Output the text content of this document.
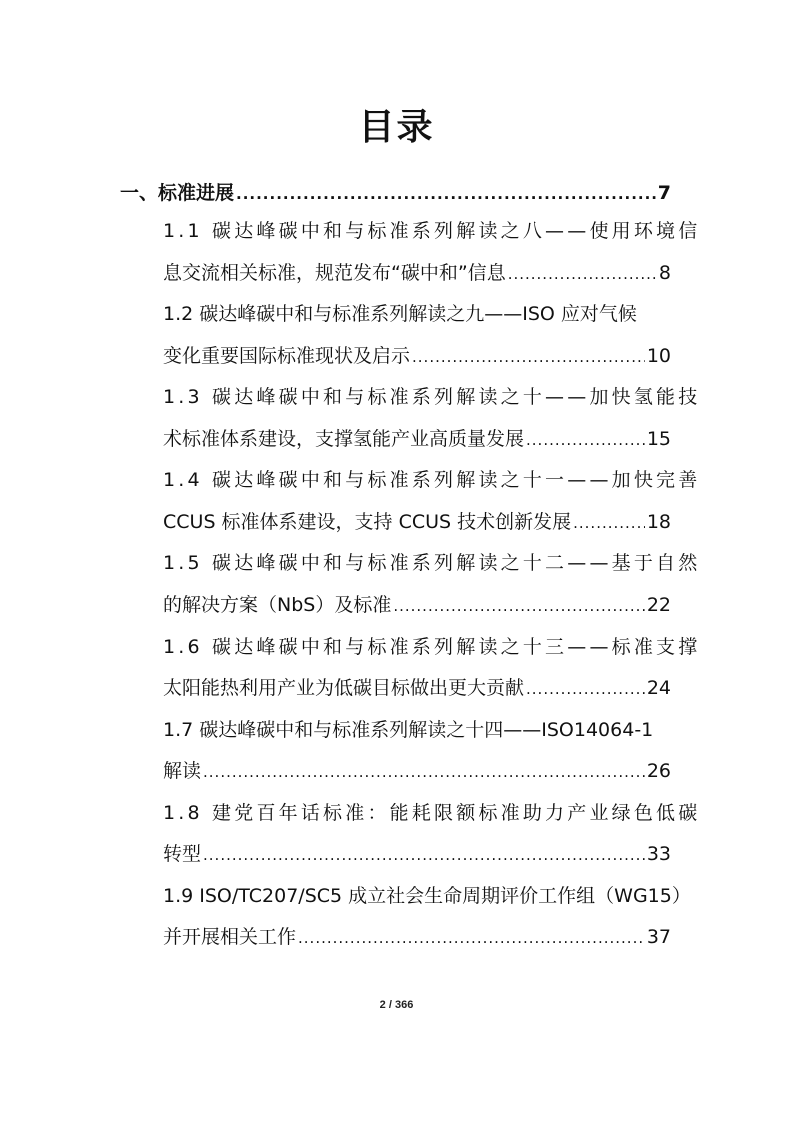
目录
一、标准进展 .....	7
1.1 碳达峰碳中和与标准系列解读之八——使用环境信
息交流相关标准，规范发布“碳中和”信息 .....	8
1.2 碳达峰碳中和与标准系列解读之九——ISO 应对气候
变化重要国际标准现状及启示 .....	10
1.3 碳达峰碳中和与标准系列解读之十——加快氢能技
术标准体系建设，支撑氢能产业高质量发展 .....	15
1.4 碳达峰碳中和与标准系列解读之十一——加快完善
CCUS 标准体系建设，支持 CCUS 技术创新发展 .....	18
1.5 碳达峰碳中和与标准系列解读之十二——基于自然
的解决方案（NbS）及标准 .....	22
1.6 碳达峰碳中和与标准系列解读之十三——标准支撑
太阳能热利用产业为低碳目标做出更大贡献 .....	24
1.7 碳达峰碳中和与标准系列解读之十四——ISO14064-1
解读 .....	26
1.8 建党百年话标准：能耗限额标准助力产业绿色低碳
转型 .....	33
1.9 ISO/TC207/SC5 成立社会生命周期评价工作组（WG15）
并开展相关工作 .....	37
2 / 366
